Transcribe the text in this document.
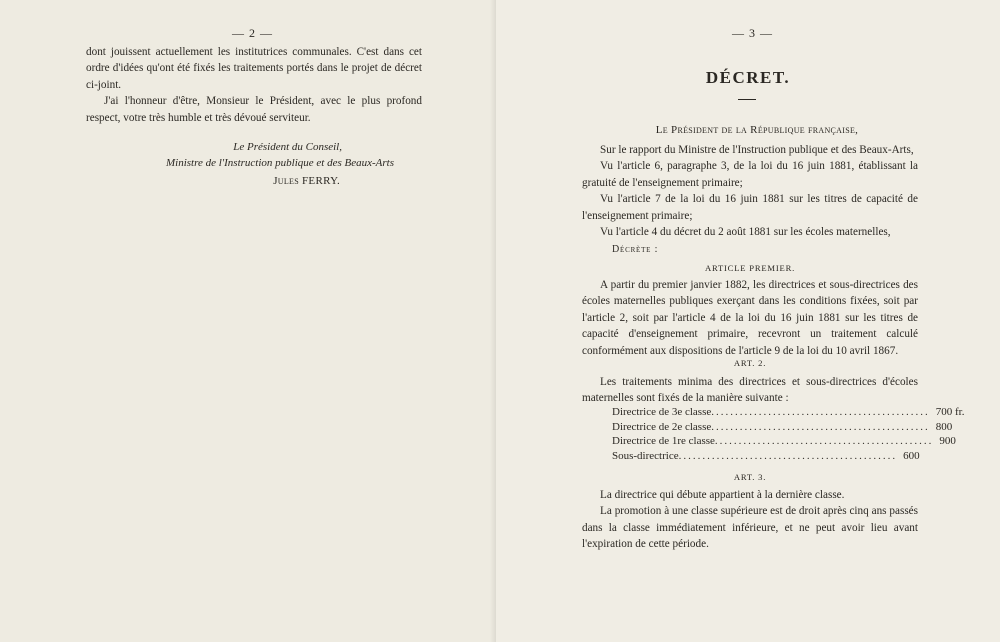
— 2 —

dont jouissent actuellement les institutrices communales. C'est dans cet ordre d'idées qu'ont été fixés les traitements portés dans le projet de décret ci-joint.

J'ai l'honneur d'être, Monsieur le Président, avec le plus profond respect, votre très humble et très dévoué serviteur.

Le Président du Conseil,
Ministre de l'Instruction publique et des Beaux-Arts
Jules FERRY.
— 3 —
DÉCRET.
Le Président de la République française,

Sur le rapport du Ministre de l'Instruction publique et des Beaux-Arts,

Vu l'article 6, paragraphe 3, de la loi du 16 juin 1881, établissant la gratuité de l'enseignement primaire;

Vu l'article 7 de la loi du 16 juin 1881 sur les titres de capacité de l'enseignement primaire;

Vu l'article 4 du décret du 2 août 1881 sur les écoles maternelles,

Décrète :
ARTICLE PREMIER.

A partir du premier janvier 1882, les directrices et sous-directrices des écoles maternelles publiques exerçant dans les conditions fixées, soit par l'article 2, soit par l'article 4 de la loi du 16 juin 1881 sur les titres de capacité d'enseignement primaire, recevront un traitement calculé conformément aux dispositions de l'article 9 de la loi du 10 avril 1867.

ART. 2.

Les traitements minima des directrices et sous-directrices d'écoles maternelles sont fixés de la manière suivante :

Directrice de 3e classe .............................................. 700 fr.
Directrice de 2e classe .............................................. 800
Directrice de 1re classe .............................................. 900
Sous-directrice .............................................. 600
ART. 3.

La directrice qui débute appartient à la dernière classe.

La promotion à une classe supérieure est de droit après cinq ans passés dans la classe immédiatement inférieure, et ne peut avoir lieu avant l'expiration de cette période.
